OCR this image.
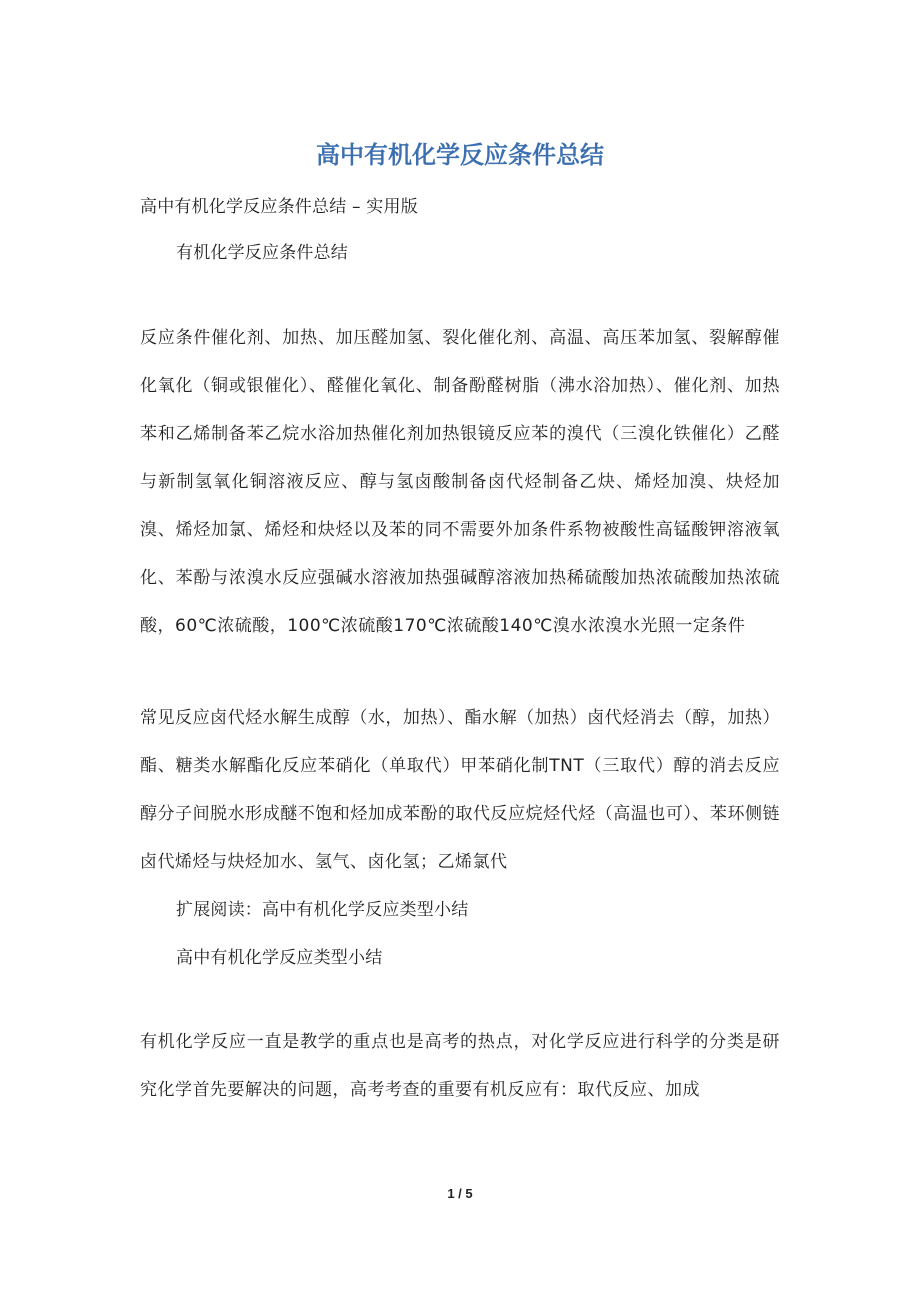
高中有机化学反应条件总结

高中有机化学反应条件总结 – 实用版

有机化学反应条件总结

反应条件催化剂、加热、加压醛加氢、裂化催化剂、高温、高压苯加氢、裂解醇催化氧化（铜或银催化）、醛催化氧化、制备酚醛树脂（沸水浴加热）、催化剂、加热苯和乙烯制备苯乙烷水浴加热催化剂加热银镜反应苯的溴代（三溴化铁催化）乙醛与新制氢氧化铜溶液反应、醇与氢卤酸制备卤代烃制备乙炔、烯烃加溴、炔烃加溴、烯烃加氯、烯烃和炔烃以及苯的同不需要外加条件系物被酸性高锰酸钾溶液氧化、苯酚与浓溴水反应强碱水溶液加热强碱醇溶液加热稀硫酸加热浓硫酸加热浓硫酸，60℃浓硫酸，100℃浓硫酸170℃浓硫酸140℃溴水浓溴水光照一定条件

常见反应卤代烃水解生成醇（水，加热）、酯水解（加热）卤代烃消去（醇，加热）酯、糖类水解酯化反应苯硝化（单取代）甲苯硝化制TNT（三取代）醇的消去反应醇分子间脱水形成醚不饱和烃加成苯酚的取代反应烷烃代烃（高温也可）、苯环侧链卤代烯烃与炔烃加水、氢气、卤化氢；乙烯氯代

扩展阅读：高中有机化学反应类型小结

高中有机化学反应类型小结

有机化学反应一直是教学的重点也是高考的热点，对化学反应进行科学的分类是研究化学首先要解决的问题，高考考查的重要有机反应有：取代反应、加成

1 / 5
